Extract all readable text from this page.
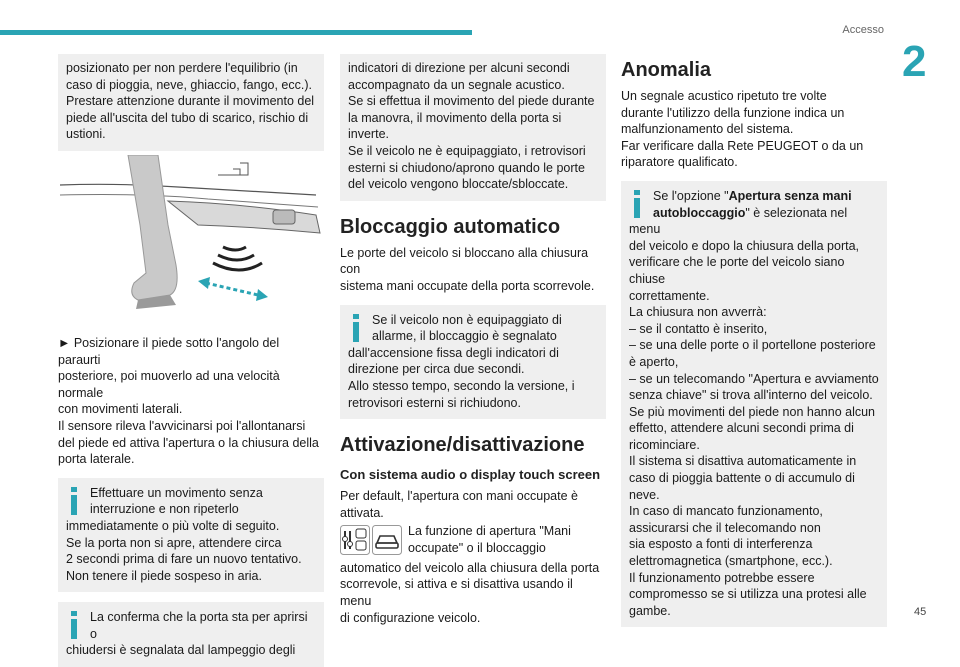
Accesso
2
45
posizionato per non perdere l'equilibrio (in
caso di pioggia, neve, ghiaccio, fango, ecc.).
Prestare attenzione durante il movimento del
piede all'uscita del tubo di scarico, rischio di
ustioni.
► Posizionare il piede sotto l'angolo del paraurti
posteriore, poi muoverlo ad una velocità normale
con movimenti laterali.
Il sensore rileva l'avvicinarsi poi l'allontanarsi
del piede ed attiva l'apertura o la chiusura della
porta laterale.
Effettuare un movimento senza
interruzione e non ripeterlo
immediatamente o più volte di seguito.
Se la porta non si apre, attendere circa
2 secondi prima di fare un nuovo tentativo.
Non tenere il piede sospeso in aria.
La conferma che la porta sta per aprirsi o
chiudersi è segnalata dal lampeggio degli
indicatori di direzione per alcuni secondi
accompagnato da un segnale acustico.
Se si effettua il movimento del piede durante
la manovra, il movimento della porta si
inverte.
Se il veicolo ne è equipaggiato, i retrovisori
esterni si chiudono/aprono quando le porte
del veicolo vengono bloccate/sbloccate.
Bloccaggio automatico
Le porte del veicolo si bloccano alla chiusura con
sistema mani occupate della porta scorrevole.
Se il veicolo non è equipaggiato di
allarme, il bloccaggio è segnalato
dall'accensione fissa degli indicatori di
direzione per circa due secondi.
Allo stesso tempo, secondo la versione, i
retrovisori esterni si richiudono.
Attivazione/disattivazione
Con sistema audio o display touch screen
Per default, l'apertura con mani occupate è
attivata.
La funzione di apertura "Mani
occupate" o il bloccaggio
automatico del veicolo alla chiusura della porta
scorrevole, si attiva e si disattiva usando il menu
di configurazione veicolo.
Anomalia
Un segnale acustico ripetuto tre volte
durante l'utilizzo della funzione indica un
malfunzionamento del sistema.
Far verificare dalla Rete PEUGEOT o da un
riparatore qualificato.
Se l'opzione "Apertura senza mani autobloccaggio" è selezionata nel menu
del veicolo e dopo la chiusura della porta,
verificare che le porte del veicolo siano chiuse
correttamente.
La chiusura non avverrà:
– se il contatto è inserito,
– se una delle porte o il portellone posteriore
è aperto,
– se un telecomando "Apertura e avviamento
senza chiave" si trova all'interno del veicolo.
Se più movimenti del piede non hanno alcun
effetto, attendere alcuni secondi prima di
ricominciare.
Il sistema si disattiva automaticamente in
caso di pioggia battente o di accumulo di
neve.
In caso di mancato funzionamento,
assicurarsi che il telecomando non
sia esposto a fonti di interferenza
elettromagnetica (smartphone, ecc.).
Il funzionamento potrebbe essere
compromesso se si utilizza una protesi alle
gambe.
